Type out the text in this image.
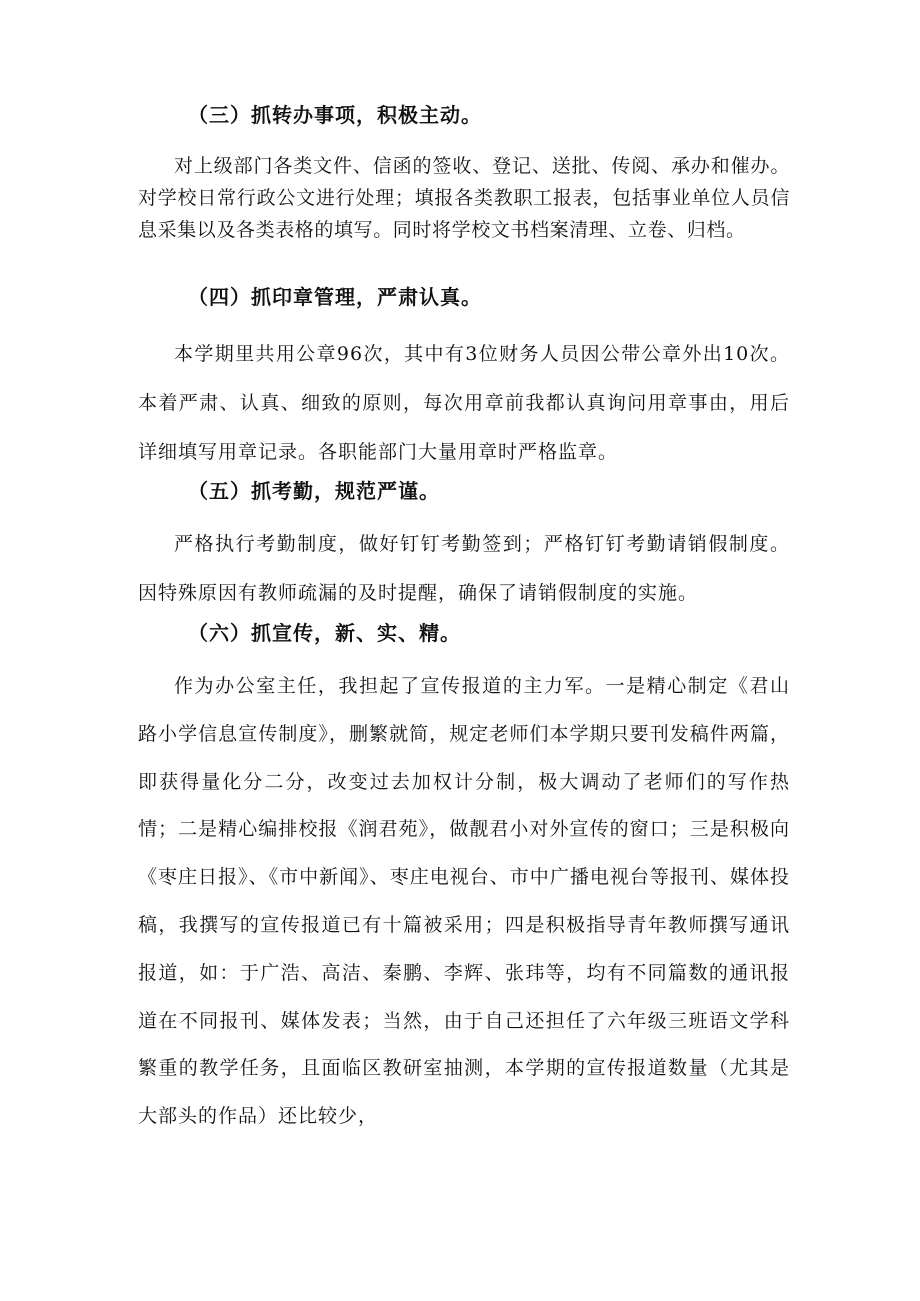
（三）抓转办事项，积极主动。
对上级部门各类文件、信函的签收、登记、送批、传阅、承办和催办。对学校日常行政公文进行处理；填报各类教职工报表，包括事业单位人员信息采集以及各类表格的填写。同时将学校文书档案清理、立卷、归档。
（四）抓印章管理，严肃认真。
本学期里共用公章96次，其中有3位财务人员因公带公章外出10次。本着严肃、认真、细致的原则，每次用章前我都认真询问用章事由，用后详细填写用章记录。各职能部门大量用章时严格监章。
（五）抓考勤，规范严谨。
严格执行考勤制度，做好钉钉考勤签到；严格钉钉考勤请销假制度。因特殊原因有教师疏漏的及时提醒，确保了请销假制度的实施。
（六）抓宣传，新、实、精。
作为办公室主任，我担起了宣传报道的主力军。一是精心制定《君山路小学信息宣传制度》，删繁就简，规定老师们本学期只要刊发稿件两篇，即获得量化分二分，改变过去加权计分制，极大调动了老师们的写作热情；二是精心编排校报《润君苑》，做靓君小对外宣传的窗口；三是积极向《枣庄日报》、《市中新闻》、枣庄电视台、市中广播电视台等报刊、媒体投稿，我撰写的宣传报道已有十篇被采用；四是积极指导青年教师撰写通讯报道，如：于广浩、高洁、秦鹏、李辉、张玮等，均有不同篇数的通讯报道在不同报刊、媒体发表；当然，由于自己还担任了六年级三班语文学科繁重的教学任务，且面临区教研室抽测，本学期的宣传报道数量（尤其是大部头的作品）还比较少，
